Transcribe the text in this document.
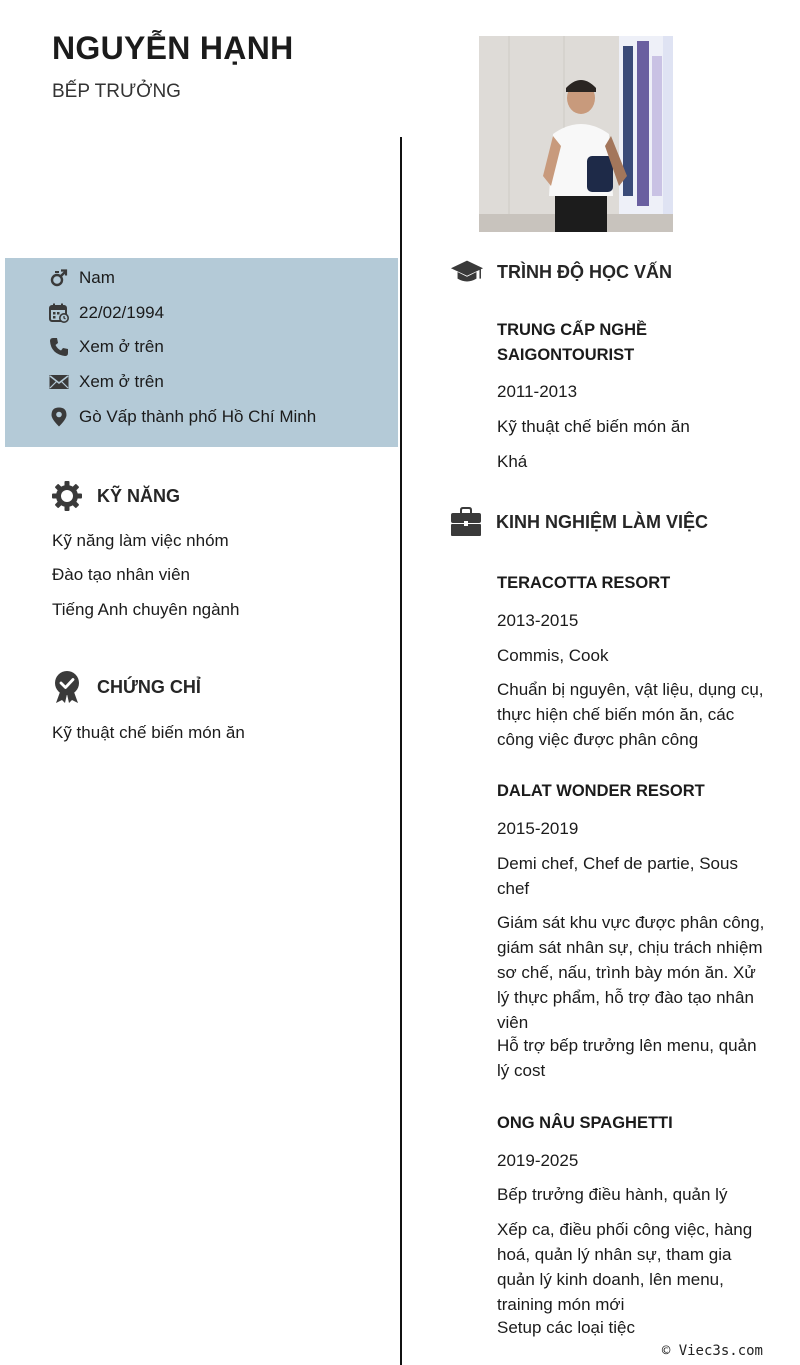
NGUYỄN HẠNH
BẾP TRƯỞNG
Nam
22/02/1994
Xem ở trên
Xem ở trên
Gò Vấp thành phố Hồ Chí Minh
KỸ NĂNG
Kỹ năng làm việc nhóm
Đào tạo nhân viên
Tiếng Anh chuyên ngành
CHỨNG CHỈ
Kỹ thuật chế biến món ăn
TRÌNH ĐỘ HỌC VẤN
TRUNG CẤP NGHỀ SAIGONTOURIST
2011-2013
Kỹ thuật chế biến món ăn
Khá
KINH NGHIỆM LÀM VIỆC
TERACOTTA RESORT
2013-2015
Commis, Cook
Chuẩn bị nguyên, vật liệu, dụng cụ, thực hiện chế biến món ăn, các công việc được phân công
DALAT WONDER RESORT
2015-2019
Demi chef, Chef de partie, Sous chef
Giám sát khu vực được phân công, giám sát nhân sự, chịu trách nhiệm sơ chế, nấu, trình bày món ăn. Xử lý thực phẩm, hỗ trợ đào tạo nhân viên
Hỗ trợ bếp trưởng lên menu, quản lý cost
ONG NÂU SPAGHETTI
2019-2025
Bếp trưởng điều hành, quản lý
Xếp ca, điều phối công việc, hàng hoá, quản lý nhân sự, tham gia quản lý kinh doanh, lên menu, training món mới
Setup các loại tiệc
© Viec3s.com
